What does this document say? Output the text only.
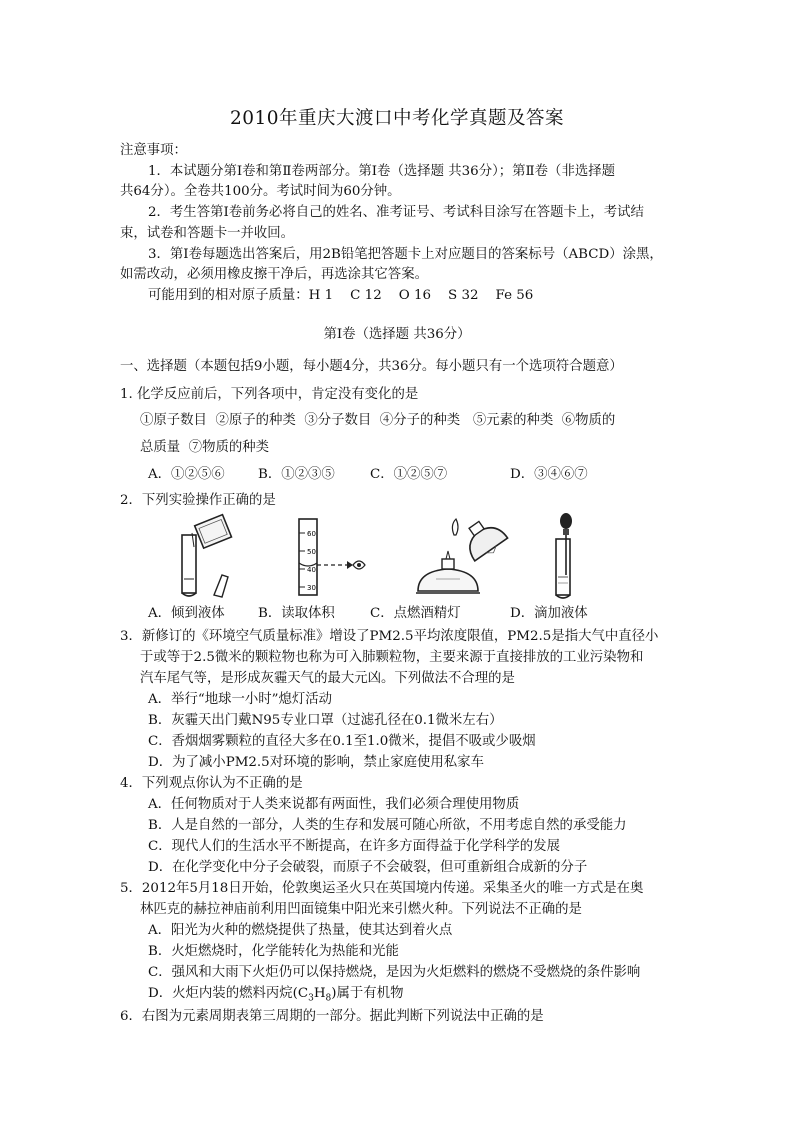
2010年重庆大渡口中考化学真题及答案
注意事项：
1．本试题分第Ⅰ卷和第Ⅱ卷两部分。第Ⅰ卷（选择题 共36分）；第Ⅱ卷（非选择题
共64分）。全卷共100分。考试时间为60分钟。
2．考生答第Ⅰ卷前务必将自己的姓名、准考证号、考试科目涂写在答题卡上，考试结
束，试卷和答题卡一并收回。
3．第Ⅰ卷每题选出答案后，用2B铅笔把答题卡上对应题目的答案标号（ABCD）涂黑，
如需改动，必须用橡皮擦干净后，再选涂其它答案。
可能用到的相对原子质量：H 1    C 12    O 16    S 32    Fe 56
第Ⅰ卷（选择题 共36分）
一、选择题（本题包括9小题，每小题4分，共36分。每小题只有一个选项符合题意）
1. 化学反应前后，下列各项中，肯定没有变化的是
①原子数目  ②原子的种类  ③分子数目  ④分子的种类   ⑤元素的种类  ⑥物质的
总质量  ⑦物质的种类
A．①②⑤⑥ B．①②③⑤	C．①②⑤⑦	D．③④⑥⑦
2．下列实验操作正确的是
60
50
40
30
A．倾到液体 B．读取体积	C．点燃酒精灯	D．滴加液体
3．新修订的《环境空气质量标准》增设了PM2.5平均浓度限值，PM2.5是指大气中直径小
于或等于2.5微米的颗粒物也称为可入肺颗粒物，主要来源于直接排放的工业污染物和
汽车尾气等，是形成灰霾天气的最大元凶。下列做法不合理的是
A．举行“地球一小时”熄灯活动
B．灰霾天出门戴N95专业口罩（过滤孔径在0.1微米左右）
C．香烟烟雾颗粒的直径大多在0.1至1.0微米，提倡不吸或少吸烟
D．为了减小PM2.5对环境的影响，禁止家庭使用私家车
4．下列观点你认为不正确的是
A．任何物质对于人类来说都有两面性，我们必须合理使用物质
B．人是自然的一部分，人类的生存和发展可随心所欲，不用考虑自然的承受能力
C．现代人们的生活水平不断提高，在许多方面得益于化学科学的发展
D．在化学变化中分子会破裂，而原子不会破裂，但可重新组合成新的分子
5．2012年5月18日开始，伦敦奥运圣火只在英国境内传递。采集圣火的唯一方式是在奥
林匹克的赫拉神庙前利用凹面镜集中阳光来引燃火种。下列说法不正确的是
A．阳光为火种的燃烧提供了热量，使其达到着火点
B．火炬燃烧时，化学能转化为热能和光能
C．强风和大雨下火炬仍可以保持燃烧，是因为火炬燃料的燃烧不受燃烧的条件影响
D．火炬内装的燃料丙烷$(C_3H_8)$属于有机物
6．右图为元素周期表第三周期的一部分。据此判断下列说法中正确的是
